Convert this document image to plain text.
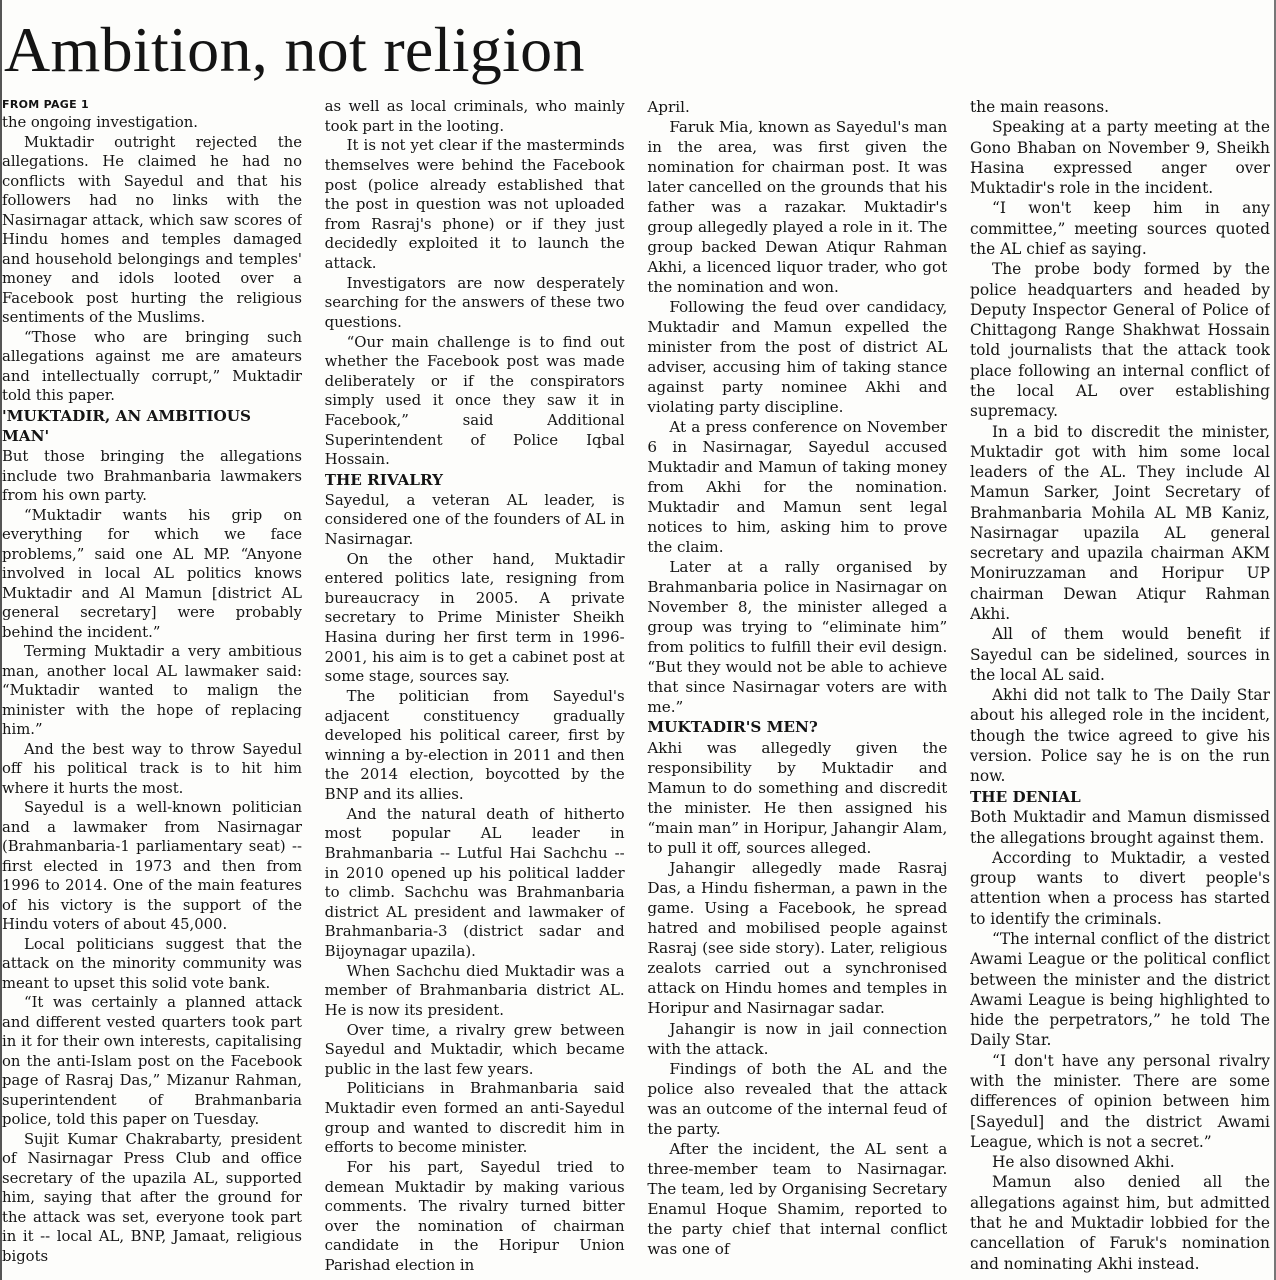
Ambition, not religion

FROM PAGE 1

the ongoing investigation.

Muktadir outright rejected the allegations. He claimed he had no conflicts with Sayedul and that his followers had no links with the Nasirnagar attack, which saw scores of Hindu homes and temples damaged and household belongings and temples' money and idols looted over a Facebook post hurting the religious sentiments of the Muslims.

“Those who are bringing such allegations against me are amateurs and intellectually corrupt,” Muktadir told this paper.

'MUKTADIR, AN AMBITIOUS MAN'

But those bringing the allegations include two Brahmanbaria lawmakers from his own party.

“Muktadir wants his grip on everything for which we face problems,” said one AL MP. “Anyone involved in local AL politics knows Muktadir and Al Mamun [district AL general secretary] were probably behind the incident.”

Terming Muktadir a very ambitious man, another local AL lawmaker said: “Muktadir wanted to malign the minister with the hope of replacing him.”

And the best way to throw Sayedul off his political track is to hit him where it hurts the most.

Sayedul is a well-known politician and a lawmaker from Nasirnagar (Brahmanbaria-1 parliamentary seat) -- first elected in 1973 and then from 1996 to 2014. One of the main features of his victory is the support of the Hindu voters of about 45,000.

Local politicians suggest that the attack on the minority community was meant to upset this solid vote bank.

“It was certainly a planned attack and different vested quarters took part in it for their own interests, capitalising on the anti-Islam post on the Facebook page of Rasraj Das,” Mizanur Rahman, superintendent of Brahmanbaria police, told this paper on Tuesday.

Sujit Kumar Chakrabarty, president of Nasirnagar Press Club and office secretary of the upazila AL, supported him, saying that after the ground for the attack was set, everyone took part in it -- local AL, BNP, Jamaat, religious bigots

as well as local criminals, who mainly took part in the looting.

It is not yet clear if the masterminds themselves were behind the Facebook post (police already established that the post in question was not uploaded from Rasraj's phone) or if they just decidedly exploited it to launch the attack.

Investigators are now desperately searching for the answers of these two questions.

“Our main challenge is to find out whether the Facebook post was made deliberately or if the conspirators simply used it once they saw it in Facebook,” said Additional Superintendent of Police Iqbal Hossain.

THE RIVALRY

Sayedul, a veteran AL leader, is considered one of the founders of AL in Nasirnagar.

On the other hand, Muktadir entered politics late, resigning from bureaucracy in 2005. A private secretary to Prime Minister Sheikh Hasina during her first term in 1996-2001, his aim is to get a cabinet post at some stage, sources say.

The politician from Sayedul's adjacent constituency gradually developed his political career, first by winning a by-election in 2011 and then the 2014 election, boycotted by the BNP and its allies.

And the natural death of hitherto most popular AL leader in Brahmanbaria -- Lutful Hai Sachchu -- in 2010 opened up his political ladder to climb. Sachchu was Brahmanbaria district AL president and lawmaker of Brahmanbaria-3 (district sadar and Bijoynagar upazila).

When Sachchu died Muktadir was a member of Brahmanbaria district AL. He is now its president.

Over time, a rivalry grew between Sayedul and Muktadir, which became public in the last few years.

Politicians in Brahmanbaria said Muktadir even formed an anti-Sayedul group and wanted to discredit him in efforts to become minister.

For his part, Sayedul tried to demean Muktadir by making various comments. The rivalry turned bitter over the nomination of chairman candidate in the Horipur Union Parishad election in

April.

Faruk Mia, known as Sayedul's man in the area, was first given the nomination for chairman post. It was later cancelled on the grounds that his father was a razakar. Muktadir's group allegedly played a role in it. The group backed Dewan Atiqur Rahman Akhi, a licenced liquor trader, who got the nomination and won.

Following the feud over candidacy, Muktadir and Mamun expelled the minister from the post of district AL adviser, accusing him of taking stance against party nominee Akhi and violating party discipline.

At a press conference on November 6 in Nasirnagar, Sayedul accused Muktadir and Mamun of taking money from Akhi for the nomination. Muktadir and Mamun sent legal notices to him, asking him to prove the claim.

Later at a rally organised by Brahmanbaria police in Nasirnagar on November 8, the minister alleged a group was trying to “eliminate him” from politics to fulfill their evil design. “But they would not be able to achieve that since Nasirnagar voters are with me.”

MUKTADIR'S MEN?

Akhi was allegedly given the responsibility by Muktadir and Mamun to do something and discredit the minister. He then assigned his “main man” in Horipur, Jahangir Alam, to pull it off, sources alleged.

Jahangir allegedly made Rasraj Das, a Hindu fisherman, a pawn in the game. Using a Facebook, he spread hatred and mobilised people against Rasraj (see side story). Later, religious zealots carried out a synchronised attack on Hindu homes and temples in Horipur and Nasirnagar sadar.

Jahangir is now in jail connection with the attack.

Findings of both the AL and the police also revealed that the attack was an outcome of the internal feud of the party.

After the incident, the AL sent a three-member team to Nasirnagar. The team, led by Organising Secretary Enamul Hoque Shamim, reported to the party chief that internal conflict was one of

the main reasons.

Speaking at a party meeting at the Gono Bhaban on November 9, Sheikh Hasina expressed anger over Muktadir's role in the incident.

“I won't keep him in any committee,” meeting sources quoted the AL chief as saying.

The probe body formed by the police headquarters and headed by Deputy Inspector General of Police of Chittagong Range Shakhwat Hossain told journalists that the attack took place following an internal conflict of the local AL over establishing supremacy.

In a bid to discredit the minister, Muktadir got with him some local leaders of the AL. They include Al Mamun Sarker, Joint Secretary of Brahmanbaria Mohila AL MB Kaniz, Nasirnagar upazila AL general secretary and upazila chairman AKM Moniruzzaman and Horipur UP chairman Dewan Atiqur Rahman Akhi.

All of them would benefit if Sayedul can be sidelined, sources in the local AL said.

Akhi did not talk to The Daily Star about his alleged role in the incident, though the twice agreed to give his version. Police say he is on the run now.

THE DENIAL

Both Muktadir and Mamun dismissed the allegations brought against them.

According to Muktadir, a vested group wants to divert people's attention when a process has started to identify the criminals.

“The internal conflict of the district Awami League or the political conflict between the minister and the district Awami League is being highlighted to hide the perpetrators,” he told The Daily Star.

“I don't have any personal rivalry with the minister. There are some differences of opinion between him [Sayedul] and the district Awami League, which is not a secret.”

He also disowned Akhi.

Mamun also denied all the allegations against him, but admitted that he and Muktadir lobbied for the cancellation of Faruk's nomination and nominating Akhi instead.
